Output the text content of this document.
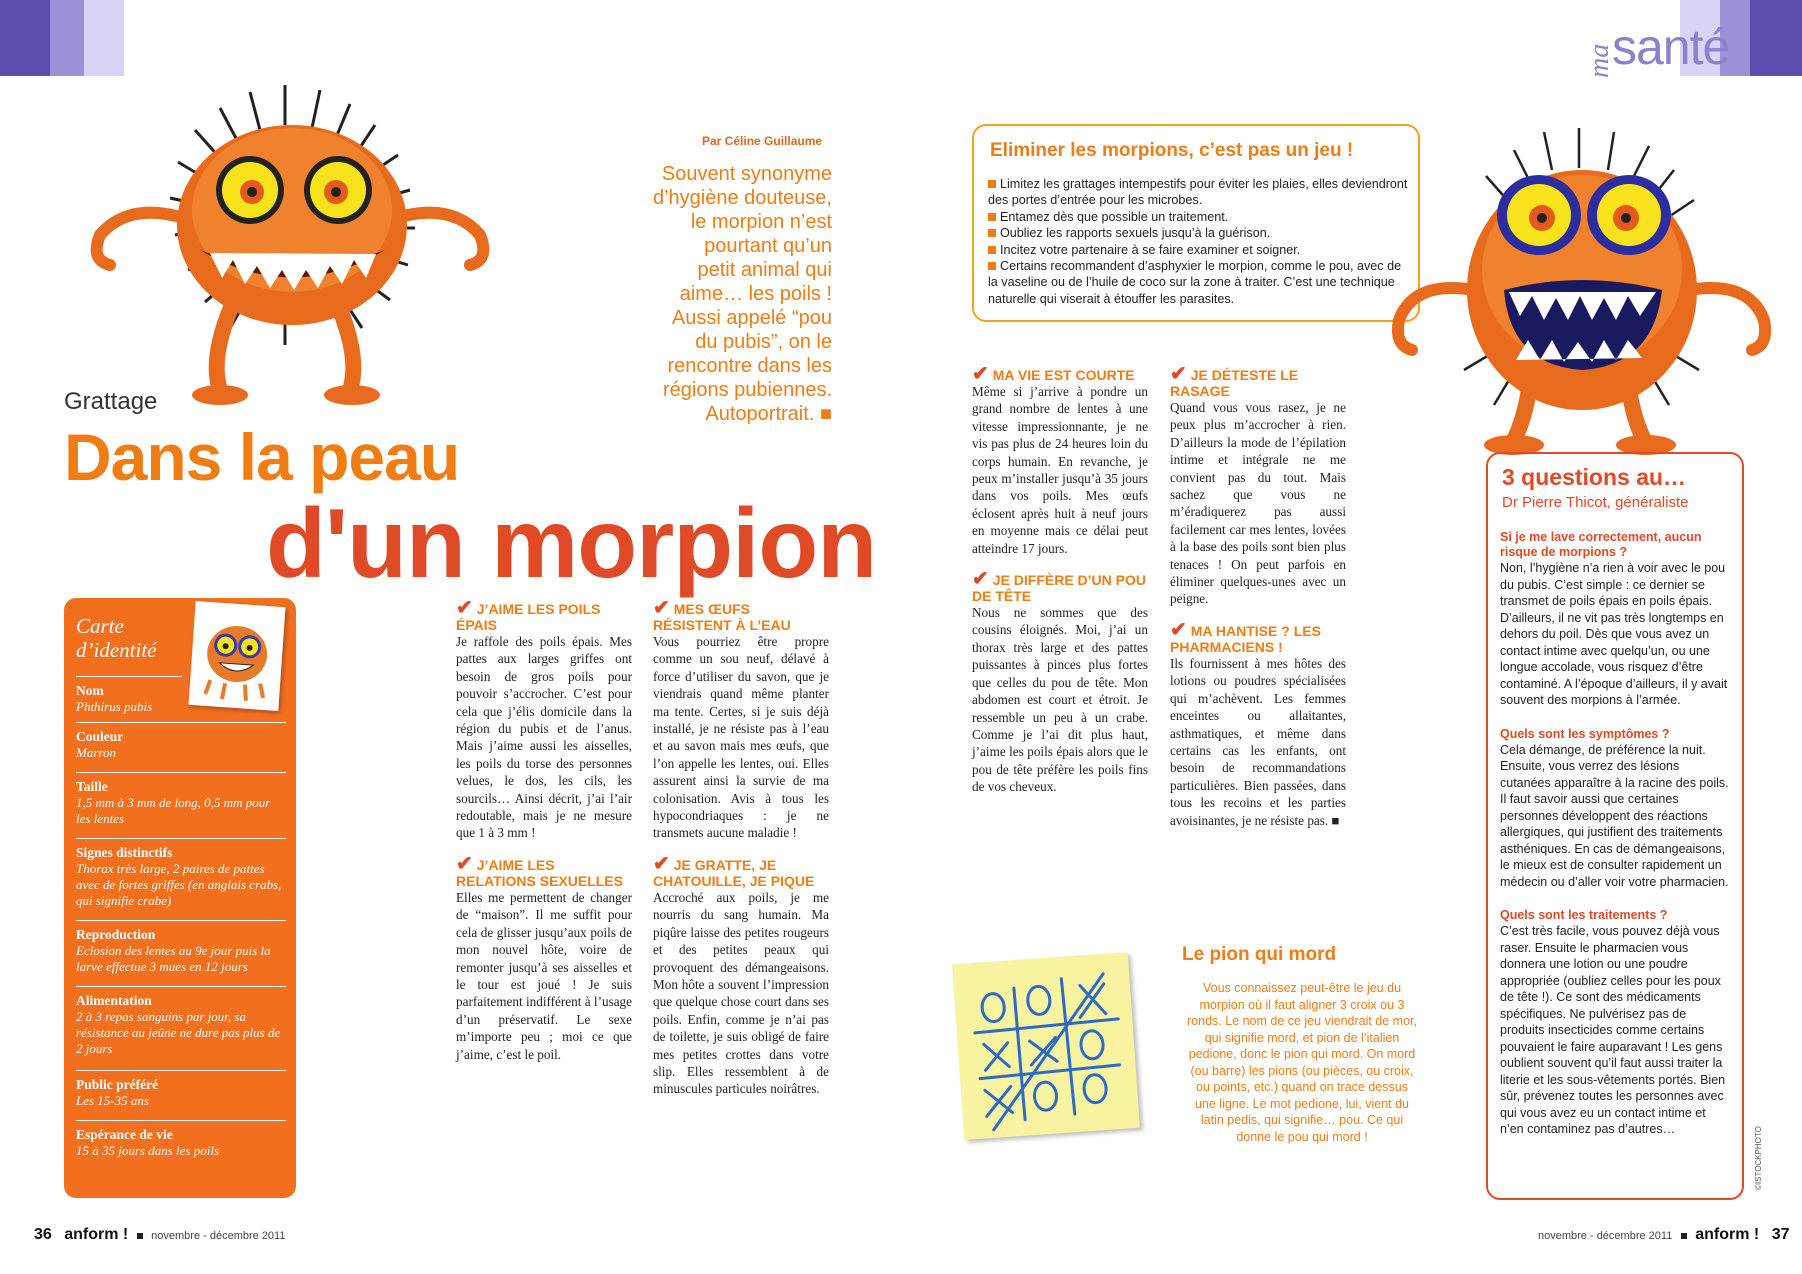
ma
santé
Grattage
Dans la peau
d'un morpion
Par Céline Guillaume
Souvent synonyme
d’hygiène douteuse,
le morpion n’est
pourtant qu’un
petit animal qui
aime… les poils !
Aussi appelé “pou
du pubis”, on le
rencontre dans les
régions pubiennes.
Autoportrait. ■
Carte
d’identité
Nom
Phthirus pubis
Couleur
Marron
Taille
1,5 mm à 3 mm de long, 0,5 mm pour les lentes
Signes distinctifs
Thorax très large, 2 paires de pattes avec de fortes griffes (en anglais crabs, qui signifie crabe)
Reproduction
Eclosion des lentes au 9e jour puis la larve effectue 3 mues en 12 jours
Alimentation
2 à 3 repas sanguins par jour, sa résistance au jeûne ne dure pas plus de 2 jours
Public préféré
Les 15-35 ans
Espérance de vie
15 à 35 jours dans les poils
✔ J’AIME LES POILS ÉPAIS
Je raffole des poils épais. Mes pattes aux larges griffes ont besoin de gros poils pour pouvoir s’accrocher. C’est pour cela que j’élis domicile dans la région du pubis et de l’anus. Mais j’aime aussi les aisselles, les poils du torse des personnes velues, le dos, les cils, les sourcils… Ainsi décrit, j’ai l’air redoutable, mais je ne mesure que 1 à 3 mm !
✔ J’AIME LES RELATIONS SEXUELLES
Elles me permettent de changer de “maison”. Il me suffit pour cela de glisser jusqu’aux poils de mon nouvel hôte, voire de remonter jusqu’à ses aisselles et le tour est joué ! Je suis parfaitement indifférent à l’usage d’un préservatif. Le sexe m’importe peu ; moi ce que j’aime, c’est le poil.
✔ MES ŒUFS RÉSISTENT À L’EAU
Vous pourriez être propre comme un sou neuf, délavé à force d’utiliser du savon, que je viendrais quand même planter ma tente. Certes, si je suis déjà installé, je ne résiste pas à l’eau et au savon mais mes œufs, que l’on appelle les lentes, oui. Elles assurent ainsi la survie de ma colonisation. Avis à tous les hypocondriaques : je ne transmets aucune maladie !
✔ JE GRATTE, JE CHATOUILLE, JE PIQUE
Accroché aux poils, je me nourris du sang humain. Ma piqûre laisse des petites rougeurs et des petites peaux qui provoquent des démangeaisons. Mon hôte a souvent l’impression que quelque chose court dans ses poils. Enfin, comme je n’ai pas de toilette, je suis obligé de faire mes petites crottes dans votre slip. Elles ressemblent à de minuscules particules noirâtres.
Eliminer les morpions, c’est pas un jeu !
Limitez les grattages intempestifs pour éviter les plaies, elles deviendront des portes d’entrée pour les microbes.
Entamez dès que possible un traitement.
Oubliez les rapports sexuels jusqu’à la guérison.
Incitez votre partenaire à se faire examiner et soigner.
Certains recommandent d’asphyxier le morpion, comme le pou, avec de la vaseline ou de l’huile de coco sur la zone à traiter. C’est une technique naturelle qui viserait à étouffer les parasites.
✔ MA VIE EST COURTE
Même si j’arrive à pondre un grand nombre de lentes à une vitesse impressionnante, je ne vis pas plus de 24 heures loin du corps humain. En revanche, je peux m’installer jusqu’à 35 jours dans vos poils. Mes œufs éclosent après huit à neuf jours en moyenne mais ce délai peut atteindre 17 jours.
✔ JE DIFFÈRE D’UN POU DE TÊTE
Nous ne sommes que des cousins éloignés. Moi, j’ai un thorax très large et des pattes puissantes à pinces plus fortes que celles du pou de tête. Mon abdomen est court et étroit. Je ressemble un peu à un crabe. Comme je l’ai dit plus haut, j’aime les poils épais alors que le pou de tête préfère les poils fins de vos cheveux.
✔ JE DÉTESTE LE RASAGE
Quand vous vous rasez, je ne peux plus m’accrocher à rien. D’ailleurs la mode de l’épilation intime et intégrale ne me convient pas du tout. Mais sachez que vous ne m’éradiquerez pas aussi facilement car mes lentes, lovées à la base des poils sont bien plus tenaces ! On peut parfois en éliminer quelques-unes avec un peigne.
✔ MA HANTISE ? LES PHARMACIENS !
Ils fournissent à mes hôtes des lotions ou poudres spécialisées qui m’achèvent. Les femmes enceintes ou allaitantes, asthmatiques, et même dans certains cas les enfants, ont besoin de recommandations particulières. Bien passées, dans tous les recoins et les parties avoisinantes, je ne résiste pas. ■
Le pion qui mord
Vous connaissez peut-être le jeu du morpion où il faut aligner 3 croix ou 3 ronds. Le nom de ce jeu viendrait de mor, qui signifie mord, et pion de l’italien pedione, donc le pion qui mord. On mord (ou barre) les pions (ou pièces, ou croix, ou points, etc.) quand on trace dessus une ligne. Le mot pedione, lui, vient du latin pedis, qui signifie… pou. Ce qui donne le pou qui mord !
3 questions au…
Dr Pierre Thicot, généraliste
Si je me lave correctement, aucun risque de morpions ?
Non, l’hygiène n’a rien à voir avec le pou du pubis. C’est simple : ce dernier se transmet de poils épais en poils épais. D’ailleurs, il ne vit pas très longtemps en dehors du poil. Dès que vous avez un contact intime avec quelqu’un, ou une longue accolade, vous risquez d’être contaminé. A l’époque d’ailleurs, il y avait souvent des morpions à l’armée.
Quels sont les symptômes ?
Cela démange, de préférence la nuit. Ensuite, vous verrez des lésions cutanées apparaître à la racine des poils. Il faut savoir aussi que certaines personnes développent des réactions allergiques, qui justifient des traitements asthéniques. En cas de démangeaisons, le mieux est de consulter rapidement un médecin ou d’aller voir votre pharmacien.
Quels sont les traitements ?
C’est très facile, vous pouvez déjà vous raser. Ensuite le pharmacien vous donnera une lotion ou une poudre appropriée (oubliez celles pour les poux de tête !). Ce sont des médicaments spécifiques. Ne pulvérisez pas de produits insecticides comme certains pouvaient le faire auparavant ! Les gens oublient souvent qu’il faut aussi traiter la literie et les sous-vêtements portés. Bien sûr, prévenez toutes les personnes avec qui vous avez eu un contact intime et n’en contaminez pas d’autres…	©ISTOCKPHOTO
36 anform ! novembre - décembre 2011	novembre - décembre 2011 anform ! 37
